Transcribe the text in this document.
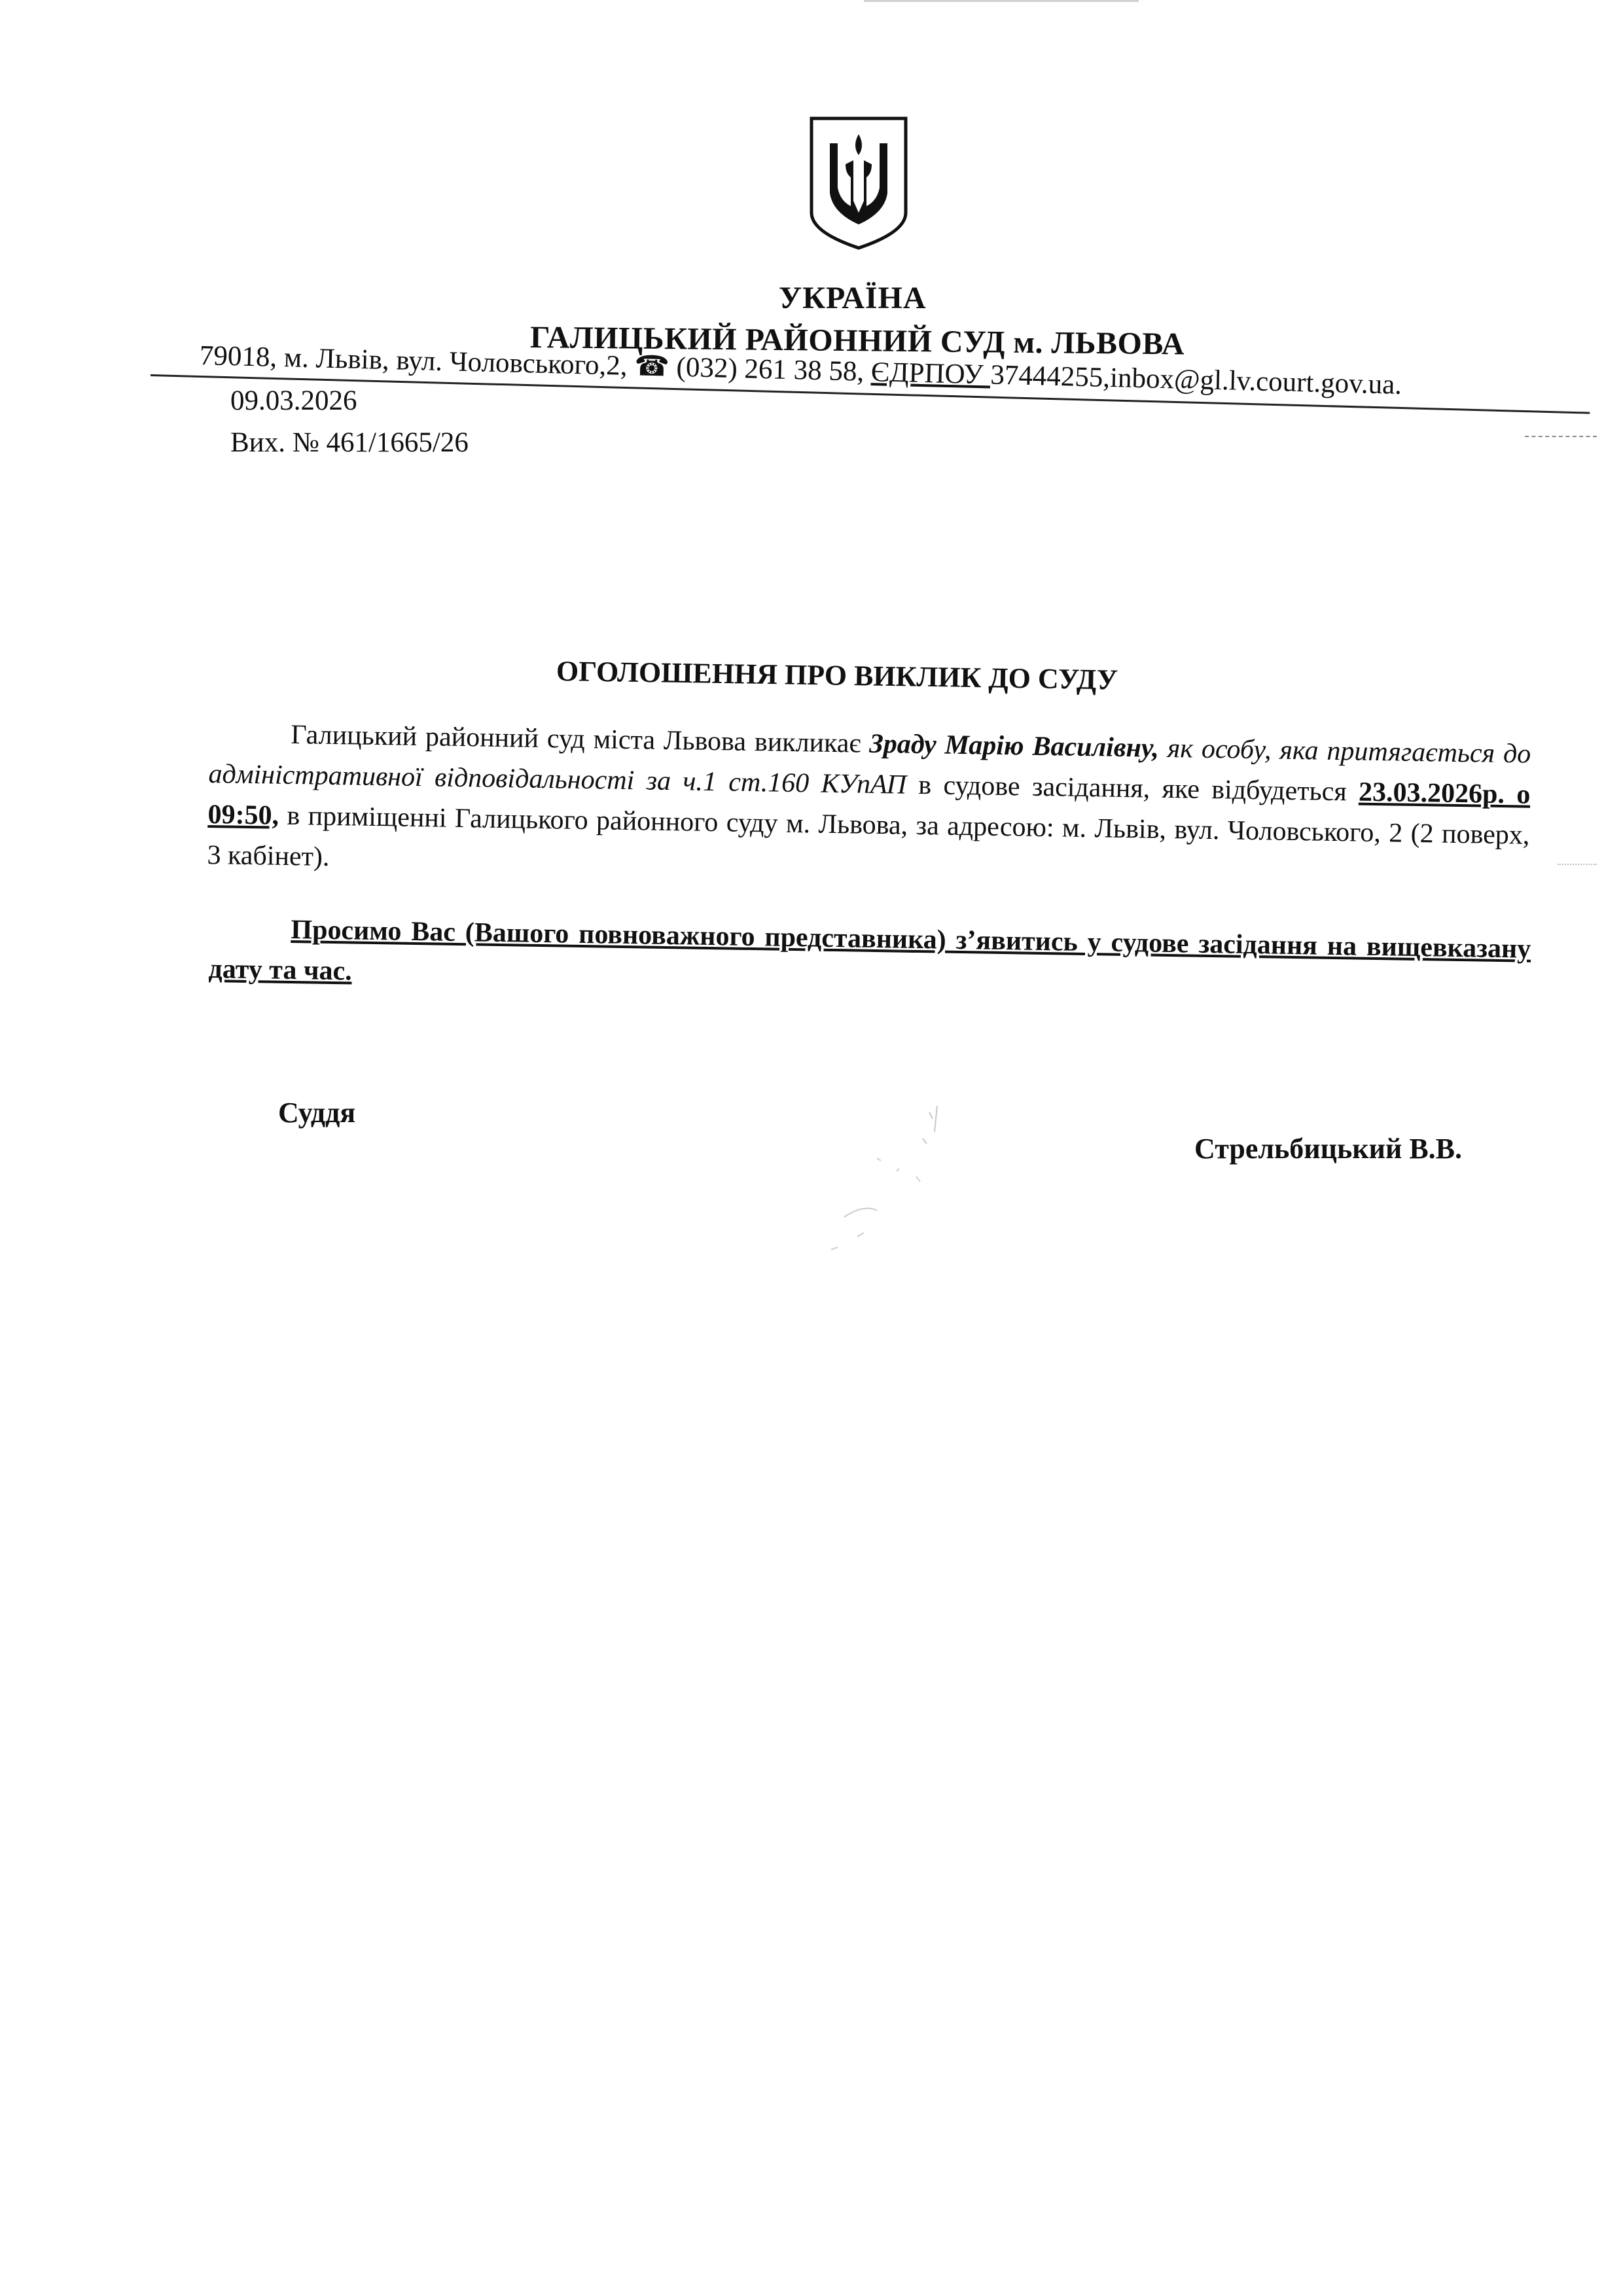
УКРАЇНА
ГАЛИЦЬКИЙ РАЙОННИЙ СУД м. ЛЬВОВА
79018, м. Львів, вул. Чоловського,2, ☎ (032) 261 38 58, ЄДРПОУ 37444255,inbox@gl.lv.court.gov.ua.
09.03.2026
Вих. № 461/1665/26
ОГОЛОШЕННЯ ПРО ВИКЛИК ДО СУДУ

Галицький районний суд міста Львова викликає Зраду Марію Василівну, як особу, яка притягається до адміністративної відповідальності за ч.1 ст.160 КУпАП в судове засідання, яке відбудеться 23.03.2026р. о 09:50, в приміщенні Галицького районного суду м. Львова, за адресою: м. Львів, вул. Чоловського, 2 (2 поверх, 3 кабінет).

Просимо Вас (Вашого повноважного представника) з’явитись у судове засідання на вищевказану дату та час.
Суддя
Стрельбицький В.В.
